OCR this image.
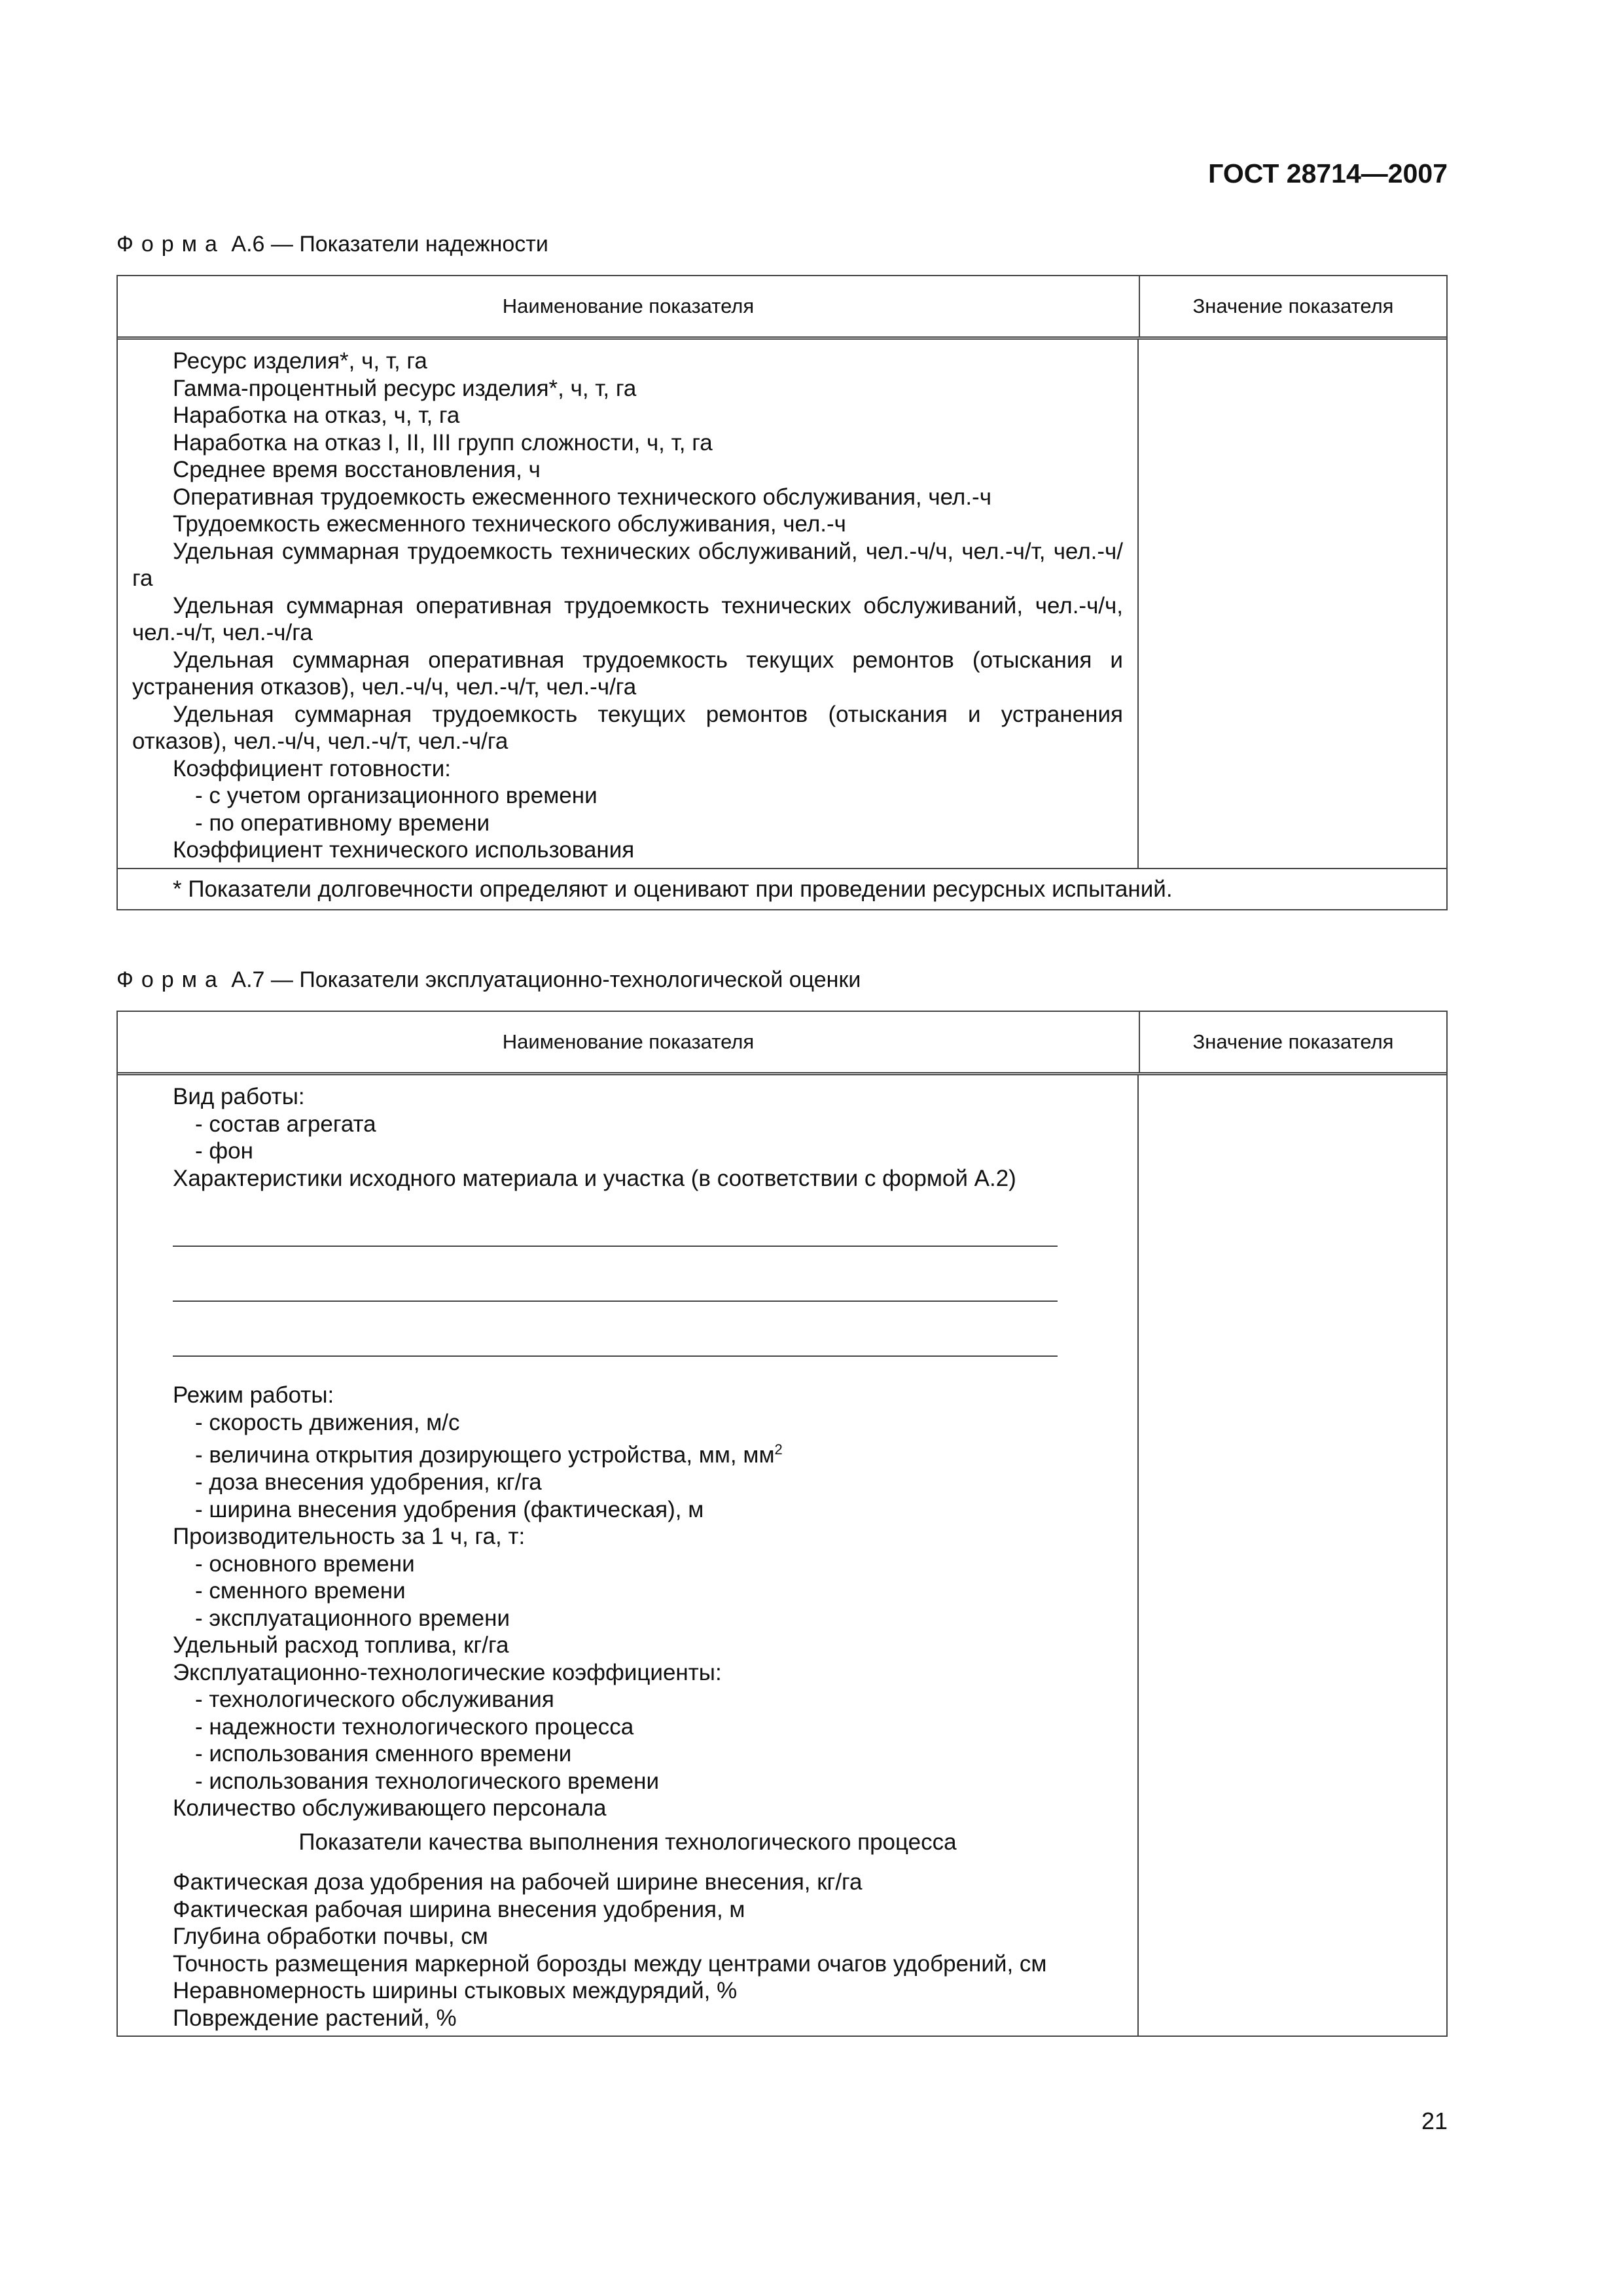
ГОСТ 28714—2007
Форма А.6 — Показатели надежности
Наименование показателя	Значение показателя
Ресурс изделия*, ч, т, га
Гамма-процентный ресурс изделия*, ч, т, га
Наработка на отказ, ч, т, га
Наработка на отказ I, II, III групп сложности, ч, т, га
Среднее время восстановления, ч
Оперативная трудоемкость ежесменного технического обслуживания, чел.-ч
Трудоемкость ежесменного технического обслуживания, чел.-ч
Удельная суммарная трудоемкость технических обслуживаний, чел.-ч/ч, чел.-ч/т, чел.-ч/га
Удельная суммарная оперативная трудоемкость технических обслуживаний, чел.-ч/ч, чел.-ч/т, чел.-ч/га
Удельная суммарная оперативная трудоемкость текущих ремонтов (отыскания и устранения отказов), чел.-ч/ч, чел.-ч/т, чел.-ч/га
Удельная суммарная трудоемкость текущих ремонтов (отыскания и устранения отказов), чел.-ч/ч, чел.-ч/т, чел.-ч/га
Коэффициент готовности:
- с учетом организационного времени
- по оперативному времени
Коэффициент технического использования
* Показатели долговечности определяют и оценивают при проведении ресурсных испытаний.
Форма А.7 — Показатели эксплуатационно-технологической оценки
Наименование показателя	Значение показателя
Вид работы:
- состав агрегата
- фон
Характеристики исходного материала и участка (в соответствии с формой А.2)
Режим работы:
- скорость движения, м/с
- величина открытия дозирующего устройства, мм, $мм^2$
- доза внесения удобрения, кг/га
- ширина внесения удобрения (фактическая), м
Производительность за 1 ч, га, т:
- основного времени
- сменного времени
- эксплуатационного времени
Удельный расход топлива, кг/га
Эксплуатационно-технологические коэффициенты:
- технологического обслуживания
- надежности технологического процесса
- использования сменного времени
- использования технологического времени
Количество обслуживающего персонала
Показатели качества выполнения технологического процесса
Фактическая доза удобрения на рабочей ширине внесения, кг/га
Фактическая рабочая ширина внесения удобрения, м
Глубина обработки почвы, см
Точность размещения маркерной борозды между центрами очагов удобрений, см
Неравномерность ширины стыковых междурядий, %
Повреждение растений, %
21
